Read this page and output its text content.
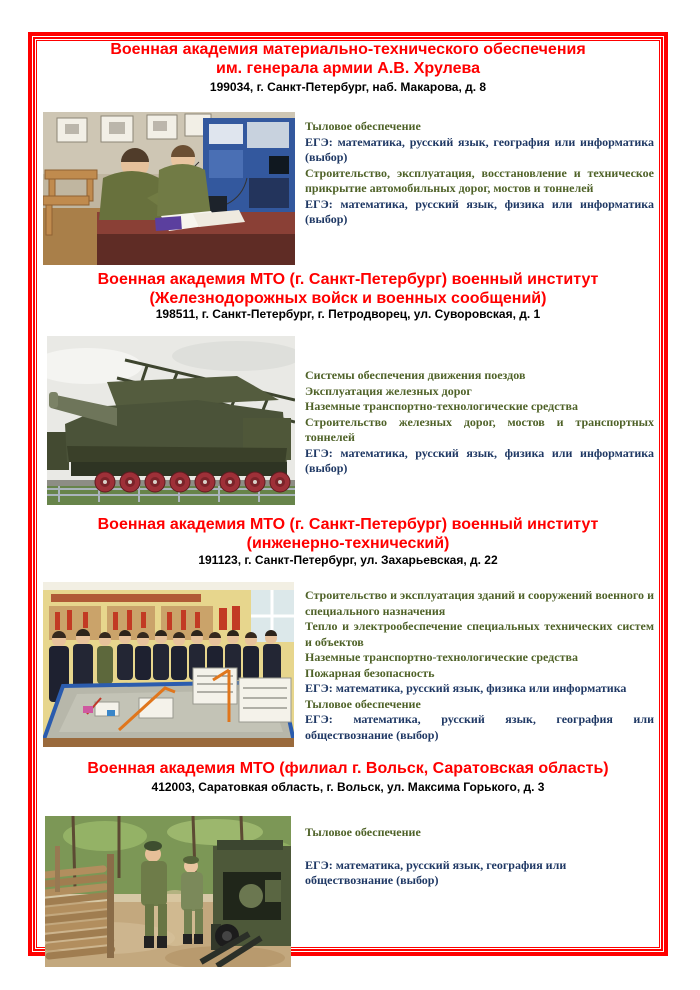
Военная академия материально-технического обеспечения
им. генерала армии А.В. Хрулева
199034, г. Санкт-Петербург, наб. Макарова, д. 8

Тыловое обеспечение

ЕГЭ: математика, русский язык, география или информатика (выбор)

Строительство, эксплуатация, восстановление и техническое прикрытие автомобильных дорог, мостов и тоннелей

ЕГЭ: математика, русский язык, физика или информатика (выбор)

Военная академия МТО (г. Санкт-Петербург) военный институт
(Железнодорожных войск и военных сообщений)
198511, г. Санкт-Петербург, г. Петродворец, ул. Суворовская, д. 1

Системы обеспечения движения поездов

Эксплуатация железных дорог

Наземные транспортно-технологические средства

Строительство железных дорог, мостов и транспортных тоннелей

ЕГЭ: математика, русский язык, физика или информатика (выбор)

Военная академия МТО (г. Санкт-Петербург) военный институт
(инженерно-технический)
191123, г. Санкт-Петербург, ул. Захарьевская, д. 22

Строительство и эксплуатация зданий и сооружений военного и специального назначения

Тепло и электрообеспечение специальных технических систем и объектов

Наземные транспортно-технологические средства

Пожарная безопасность

ЕГЭ: математика, русский язык, физика или информатика

Тыловое обеспечение

ЕГЭ: математика, русский язык, география или обществознание (выбор)

Военная академия МТО (филиал г. Вольск, Саратовская область)
412003, Саратовкая область, г. Вольск, ул. Максима Горького, д. 3

Тыловое обеспечение

ЕГЭ: математика, русский язык, география или обществознание (выбор)
